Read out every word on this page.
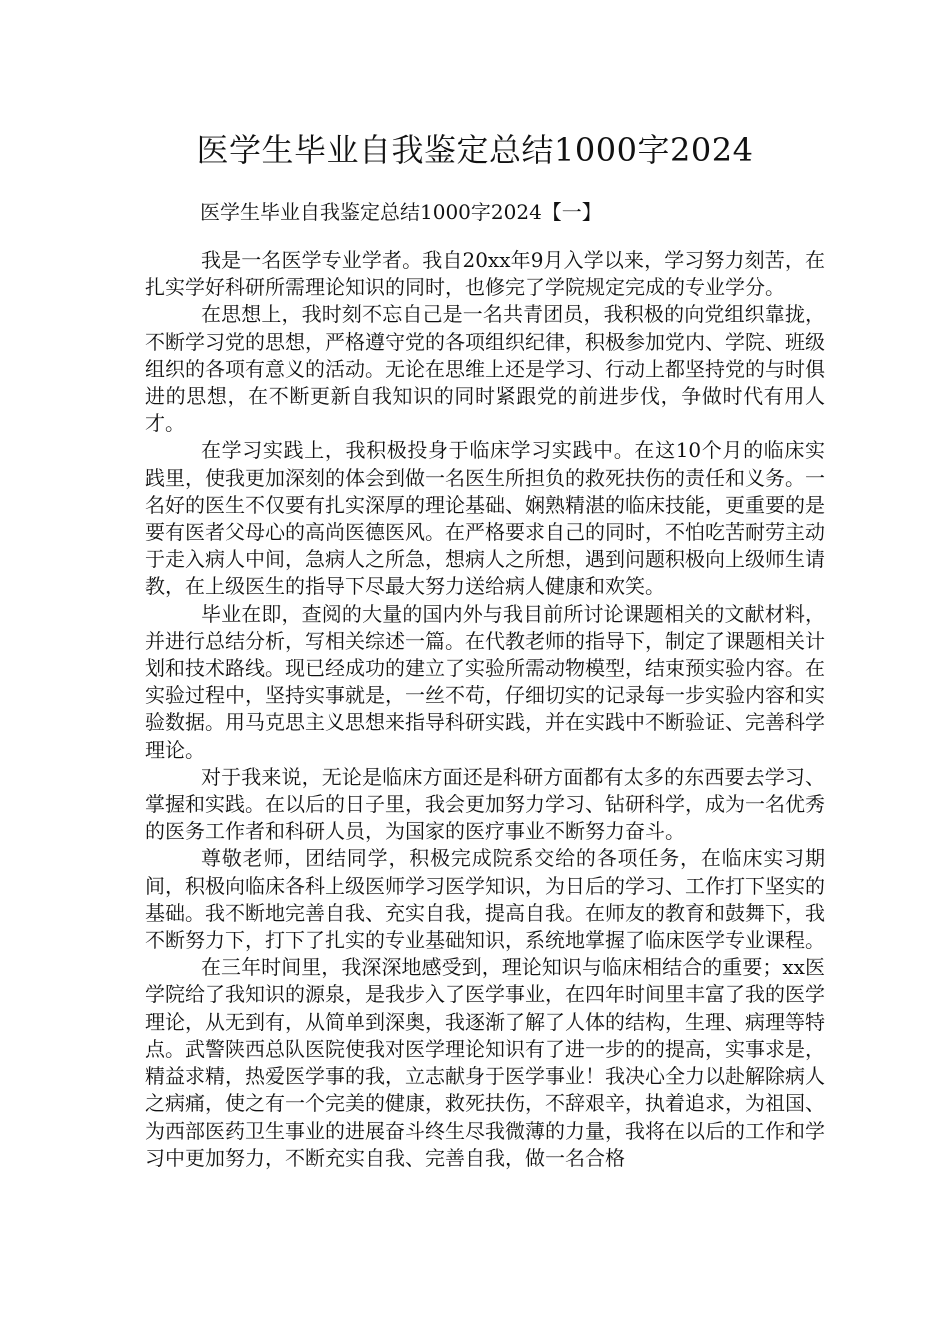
医学生毕业自我鉴定总结1000字2024
医学生毕业自我鉴定总结1000字2024【一】

我是一名医学专业学者。我自20xx年9月入学以来，学习努力刻苦，在扎实学好科研所需理论知识的同时，也修完了学院规定完成的专业学分。

在思想上，我时刻不忘自己是一名共青团员，我积极的向党组织靠拢，不断学习党的思想，严格遵守党的各项组织纪律，积极参加党内、学院、班级组织的各项有意义的活动。无论在思维上还是学习、行动上都坚持党的与时俱进的思想，在不断更新自我知识的同时紧跟党的前进步伐，争做时代有用人才。

在学习实践上，我积极投身于临床学习实践中。在这10个月的临床实践里，使我更加深刻的体会到做一名医生所担负的救死扶伤的责任和义务。一名好的医生不仅要有扎实深厚的理论基础、娴熟精湛的临床技能，更重要的是要有医者父母心的高尚医德医风。在严格要求自己的同时，不怕吃苦耐劳主动于走入病人中间，急病人之所急，想病人之所想，遇到问题积极向上级师生请教，在上级医生的指导下尽最大努力送给病人健康和欢笑。

毕业在即，查阅的大量的国内外与我目前所讨论课题相关的文献材料，并进行总结分析，写相关综述一篇。在代教老师的指导下，制定了课题相关计划和技术路线。现已经成功的建立了实验所需动物模型，结束预实验内容。在实验过程中，坚持实事就是，一丝不苟，仔细切实的记录每一步实验内容和实验数据。用马克思主义思想来指导科研实践，并在实践中不断验证、完善科学理论。

对于我来说，无论是临床方面还是科研方面都有太多的东西要去学习、掌握和实践。在以后的日子里，我会更加努力学习、钻研科学，成为一名优秀的医务工作者和科研人员，为国家的医疗事业不断努力奋斗。

尊敬老师，团结同学，积极完成院系交给的各项任务，在临床实习期间，积极向临床各科上级医师学习医学知识，为日后的学习、工作打下坚实的基础。我不断地完善自我、充实自我，提高自我。在师友的教育和鼓舞下，我不断努力下，打下了扎实的专业基础知识，系统地掌握了临床医学专业课程。

在三年时间里，我深深地感受到，理论知识与临床相结合的重要；xx医学院给了我知识的源泉，是我步入了医学事业，在四年时间里丰富了我的医学理论，从无到有，从简单到深奥，我逐渐了解了人体的结构，生理、病理等特点。武警陕西总队医院使我对医学理论知识有了进一步的的提高，实事求是，精益求精，热爱医学事的我，立志献身于医学事业！我决心全力以赴解除病人之病痛，使之有一个完美的健康，救死扶伤，不辞艰辛，执着追求，为祖国、为西部医药卫生事业的进展奋斗终生尽我微薄的力量，我将在以后的工作和学习中更加努力，不断充实自我、完善自我，做一名合格
